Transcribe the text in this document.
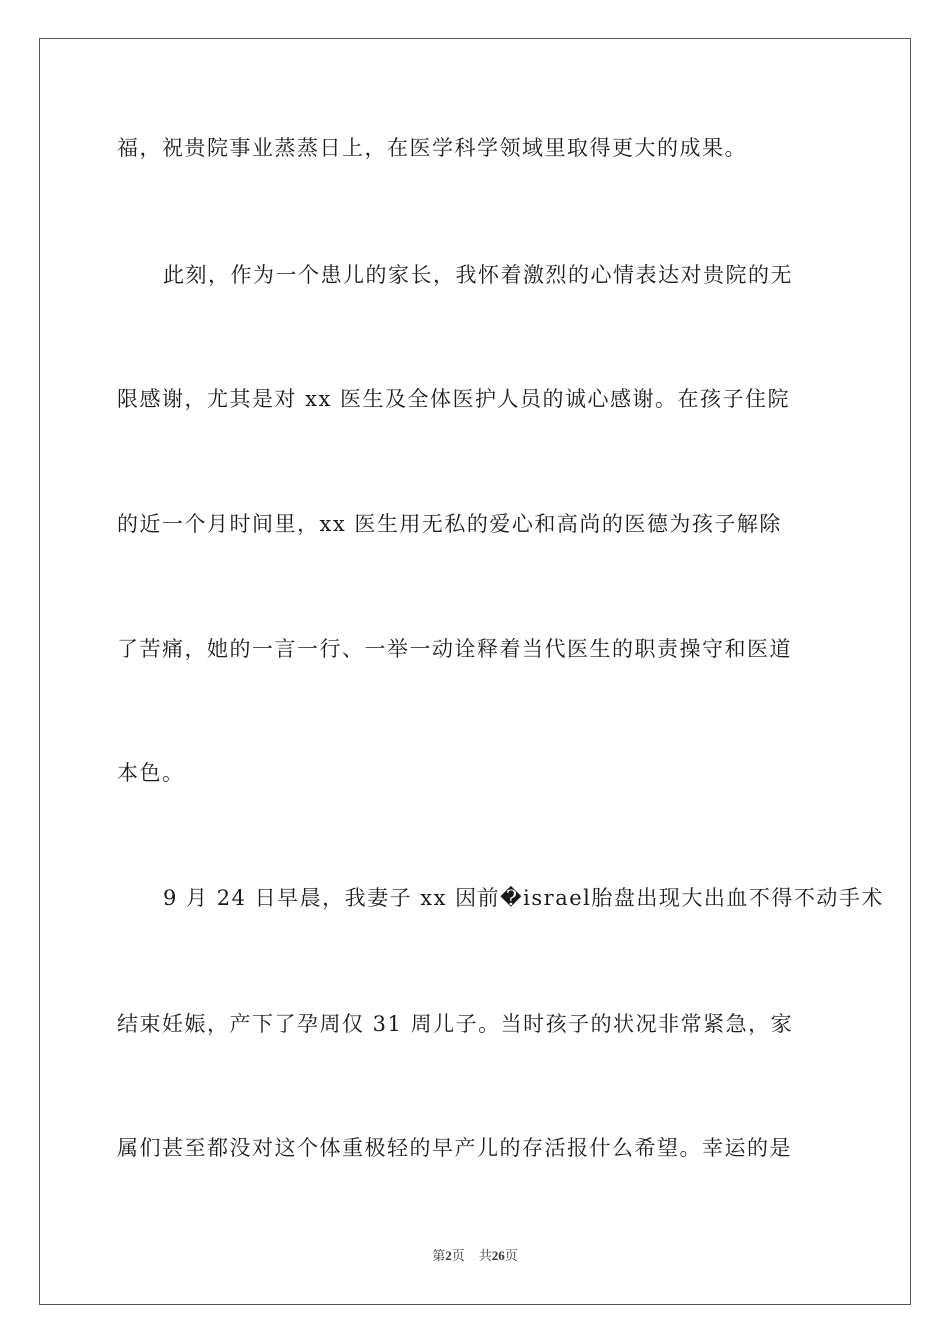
福，祝贵院事业蒸蒸日上，在医学科学领域里取得更大的成果。
此刻，作为一个患儿的家长，我怀着激烈的心情表达对贵院的无
限感谢，尤其是对 xx 医生及全体医护人员的诚心感谢。在孩子住院
的近一个月时间里，xx 医生用无私的爱心和高尚的医德为孩子解除
了苦痛，她的一言一行、一举一动诠释着当代医生的职责操守和医道
本色。
9 月 24 日早晨，我妻子 xx 因前�israel胎盘出现大出血不得不动手术
结束妊娠，产下了孕周仅 31 周儿子。当时孩子的状况非常紧急，家
属们甚至都没对这个体重极轻的早产儿的存活报什么希望。幸运的是
第2页 共26页
